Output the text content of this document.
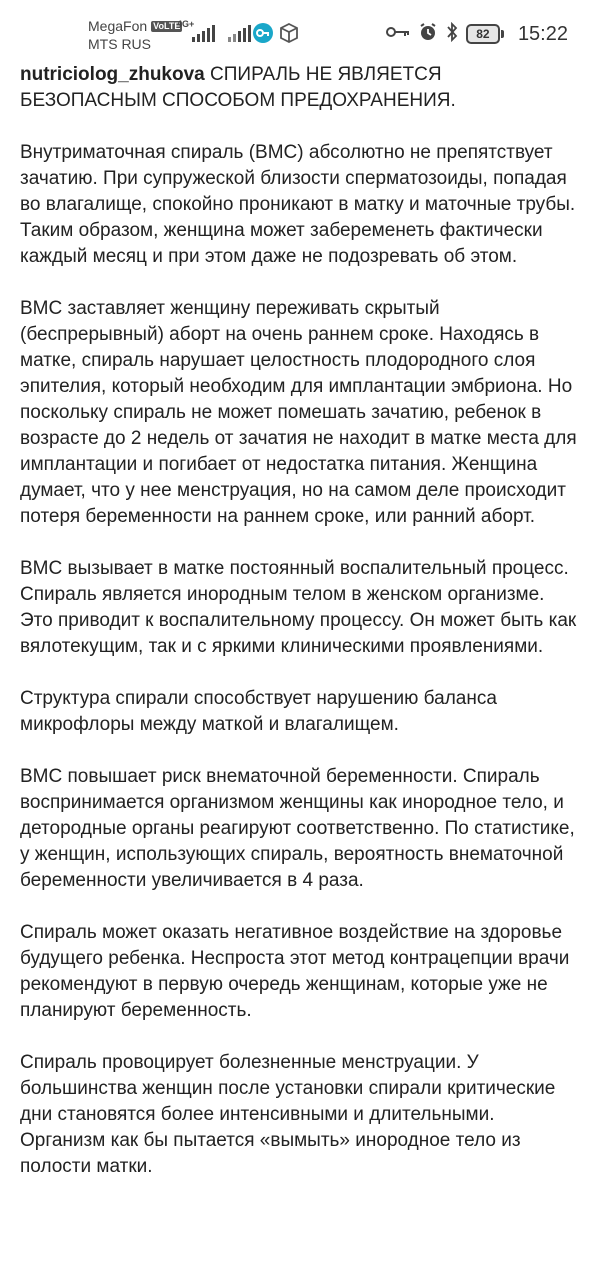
MegaFon VoLTE
MTS RUS
4G+
82	15:22

nutriciolog_zhukova СПИРАЛЬ НЕ ЯВЛЯЕТСЯ БЕЗОПАСНЫМ СПОСОБОМ ПРЕДОХРАНЕНИЯ.

Внутриматочная спираль (ВМС) абсолютно не препятствует зачатию. При супружеской близости сперматозоиды, попадая во влагалище, спокойно проникают в матку и маточные трубы. Таким образом, женщина может забеременеть фактически каждый месяц и при этом даже не подозревать об этом.

ВМС заставляет женщину переживать скрытый (беспрерывный) аборт на очень раннем сроке. Находясь в матке, спираль нарушает целостность плодородного слоя эпителия, который необходим для имплантации эмбриона. Но поскольку спираль не может помешать зачатию, ребенок в возрасте до 2 недель от зачатия не находит в матке места для имплантации и погибает от недостатка питания. Женщина думает, что у нее менструация, но на самом деле происходит потеря беременности на раннем сроке, или ранний аборт.

ВМС вызывает в матке постоянный воспалительный процесс. Спираль является инородным телом в женском организме. Это приводит к воспалительному процессу. Он может быть как вялотекущим, так и с яркими клиническими проявлениями.

Структура спирали способствует нарушению баланса микрофлоры между маткой и влагалищем.

ВМС повышает риск внематочной беременности. Спираль воспринимается организмом женщины как инородное тело, и детородные органы реагируют соответственно. По статистике, у женщин, использующих спираль, вероятность внематочной беременности увеличивается в 4 раза.

Спираль может оказать негативное воздействие на здоровье будущего ребенка. Неспроста этот метод контрацепции врачи рекомендуют в первую очередь женщинам, которые уже не планируют беременность.

Спираль провоцирует болезненные менструации. У большинства женщин после установки спирали критические дни становятся более интенсивными и длительными. Организм как бы пытается «вымыть» инородное тело из полости матки.
